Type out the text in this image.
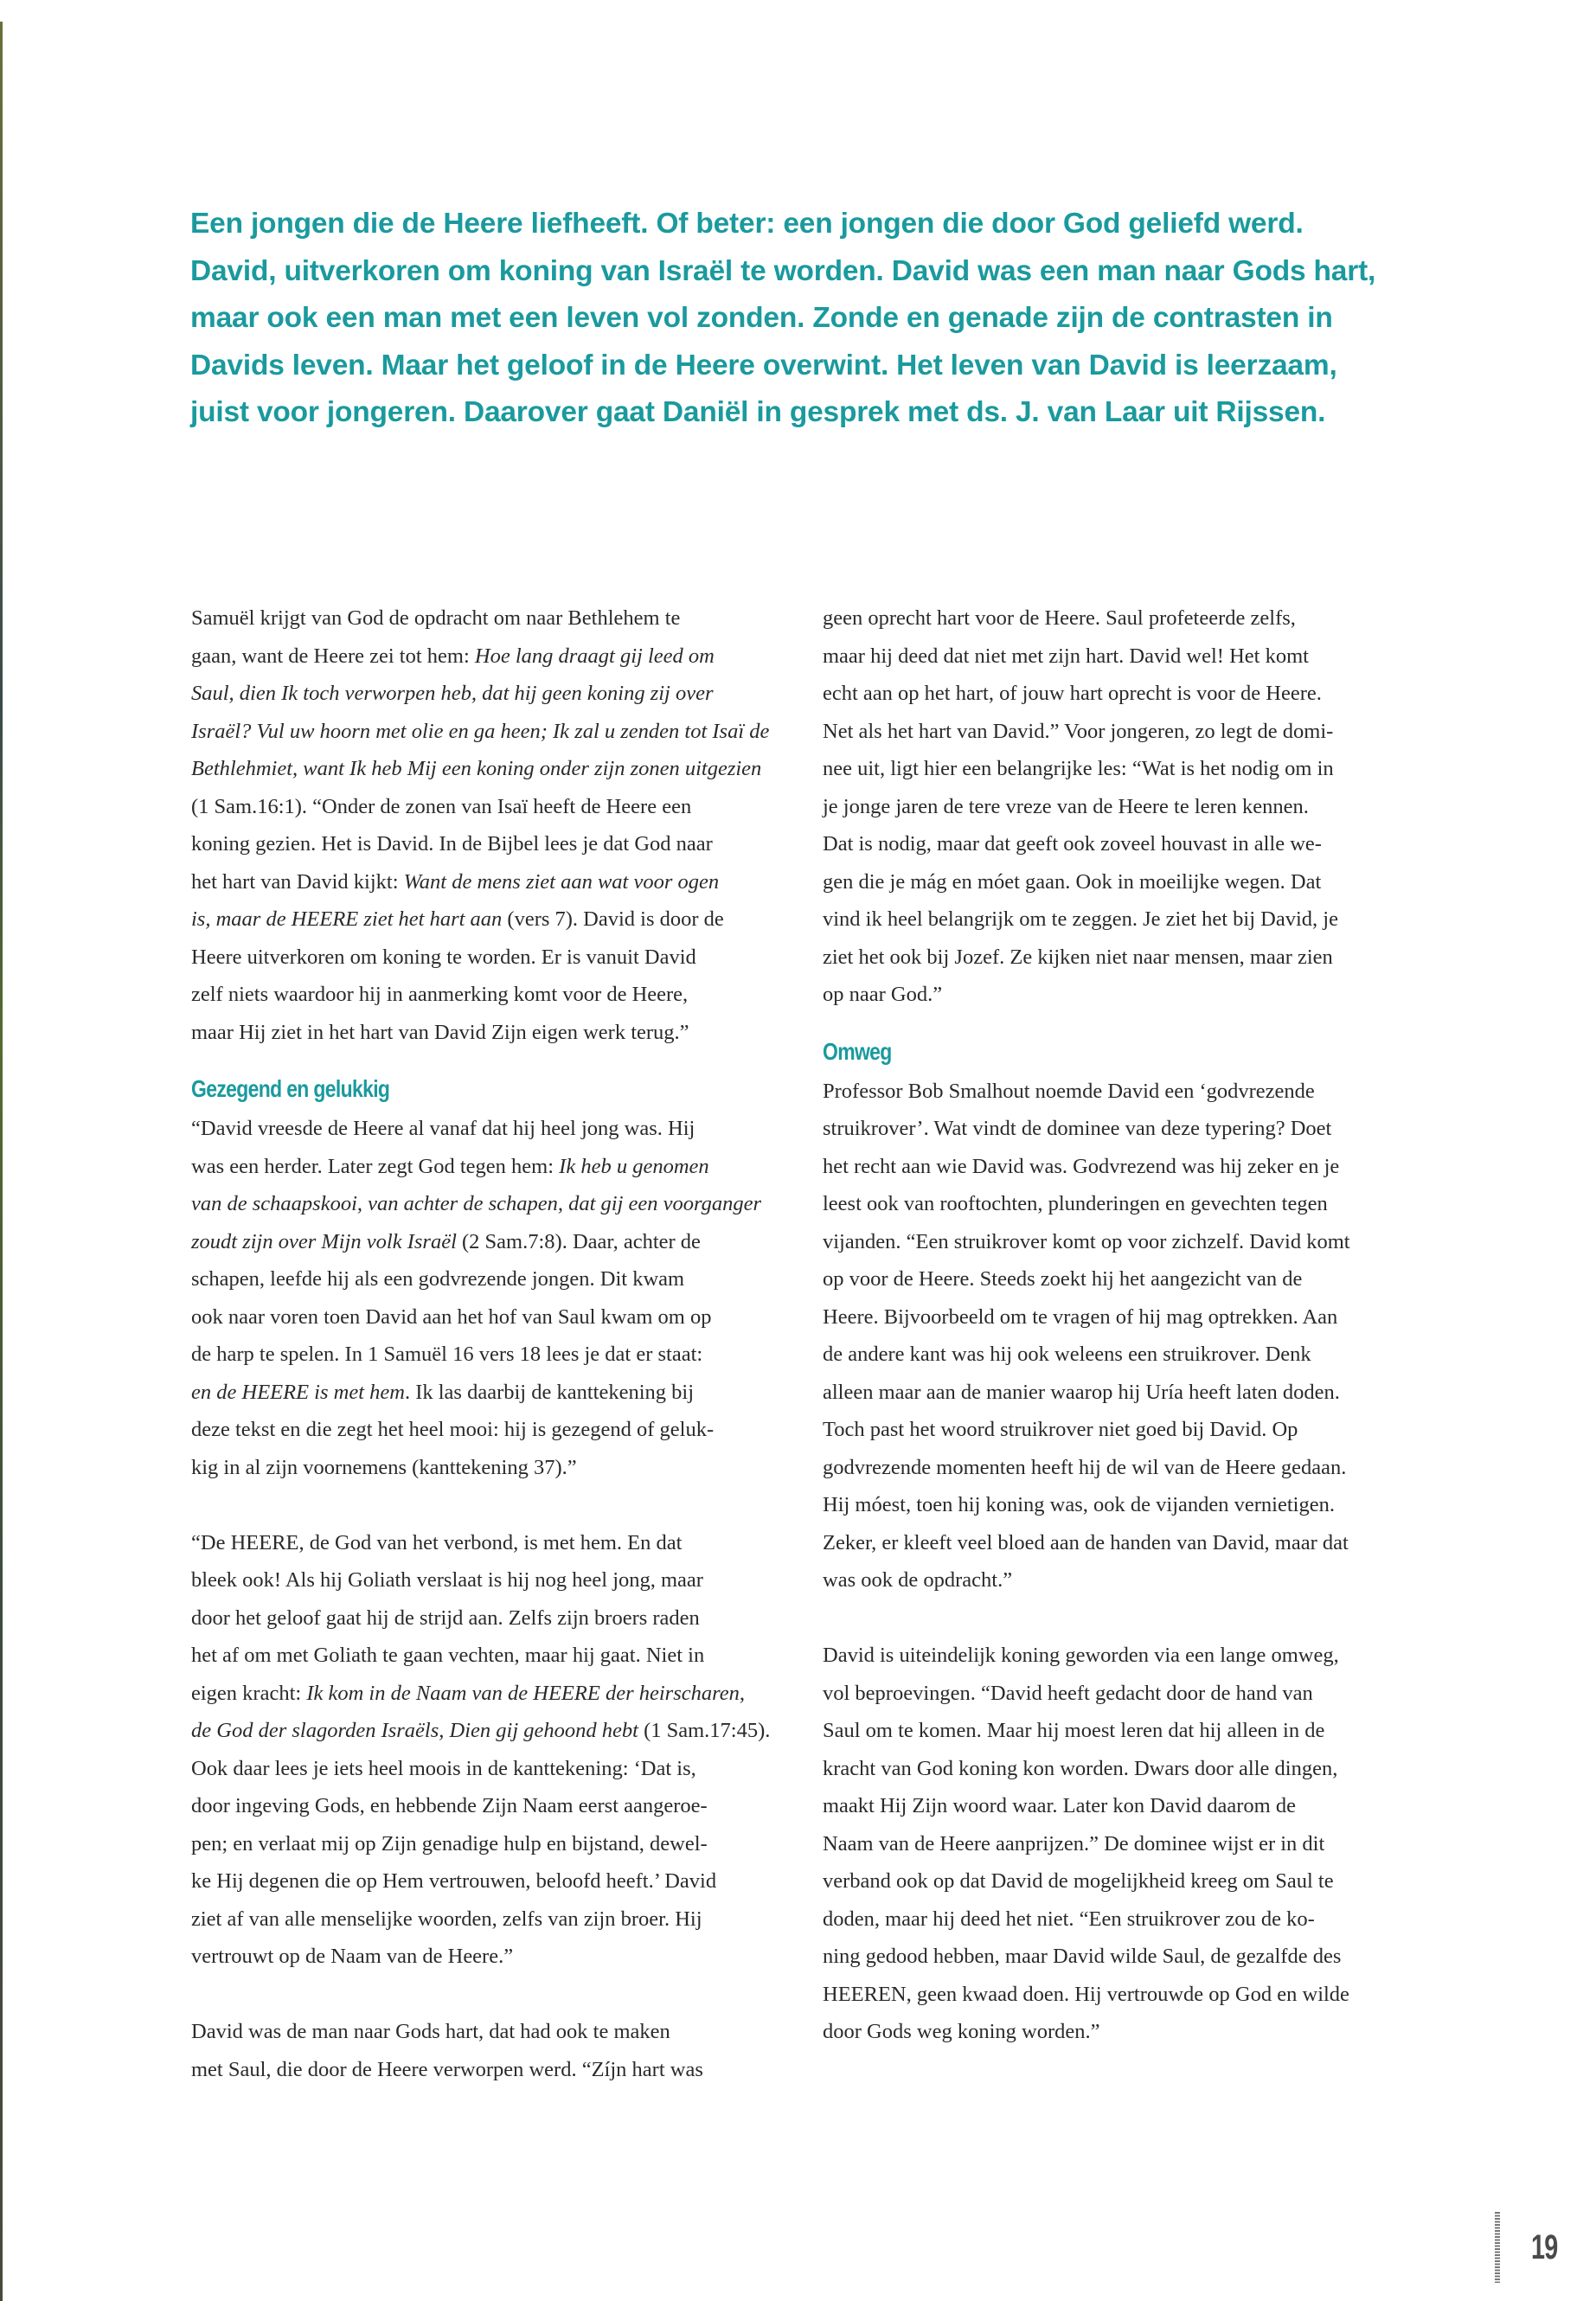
Een jongen die de Heere liefheeft. Of beter: een jongen die door God geliefd werd.

David, uitverkoren om koning van Israël te worden. David was een man naar Gods hart,

maar ook een man met een leven vol zonden. Zonde en genade zijn de contrasten in

Davids leven. Maar het geloof in de Heere overwint. Het leven van David is leerzaam,

juist voor jongeren. Daarover gaat Daniël in gesprek met ds. J. van Laar uit Rijssen.

Samuël krijgt van God de opdracht om naar Bethlehem te

gaan, want de Heere zei tot hem: Hoe lang draagt gij leed om

Saul, dien Ik toch verworpen heb, dat hij geen koning zij over

Israël? Vul uw hoorn met olie en ga heen; Ik zal u zenden tot Isaï de

Bethlehmiet, want Ik heb Mij een koning onder zijn zonen uitgezien

(1 Sam.16:1). “Onder de zonen van Isaï heeft de Heere een

koning gezien. Het is David. In de Bijbel lees je dat God naar

het hart van David kijkt: Want de mens ziet aan wat voor ogen

is, maar de HEERE ziet het hart aan (vers 7). David is door de

Heere uitverkoren om koning te worden. Er is vanuit David

zelf niets waardoor hij in aanmerking komt voor de Heere,

maar Hij ziet in het hart van David Zijn eigen werk terug.”

Gezegend en gelukkig

“David vreesde de Heere al vanaf dat hij heel jong was. Hij

was een herder. Later zegt God tegen hem: Ik heb u genomen

van de schaapskooi, van achter de schapen, dat gij een voorganger

zoudt zijn over Mijn volk Israël (2 Sam.7:8). Daar, achter de

schapen, leefde hij als een godvrezende jongen. Dit kwam

ook naar voren toen David aan het hof van Saul kwam om op

de harp te spelen. In 1 Samuël 16 vers 18 lees je dat er staat:

en de HEERE is met hem. Ik las daarbij de kanttekening bij

deze tekst en die zegt het heel mooi: hij is gezegend of geluk-

kig in al zijn voornemens (kanttekening 37).”

“De HEERE, de God van het verbond, is met hem. En dat

bleek ook! Als hij Goliath verslaat is hij nog heel jong, maar

door het geloof gaat hij de strijd aan. Zelfs zijn broers raden

het af om met Goliath te gaan vechten, maar hij gaat. Niet in

eigen kracht: Ik kom in de Naam van de HEERE der heirscharen,

de God der slagorden Israëls, Dien gij gehoond hebt (1 Sam.17:45).

Ook daar lees je iets heel moois in de kanttekening: ‘Dat is,

door ingeving Gods, en hebbende Zijn Naam eerst aangeroe-

pen; en verlaat mij op Zijn genadige hulp en bijstand, dewel-

ke Hij degenen die op Hem vertrouwen, beloofd heeft.’ David

ziet af van alle menselijke woorden, zelfs van zijn broer. Hij

vertrouwt op de Naam van de Heere.”

David was de man naar Gods hart, dat had ook te maken

met Saul, die door de Heere verworpen werd. “Zíjn hart was

geen oprecht hart voor de Heere. Saul profeteerde zelfs,

maar hij deed dat niet met zijn hart. David wel! Het komt

echt aan op het hart, of jouw hart oprecht is voor de Heere.

Net als het hart van David.” Voor jongeren, zo legt de domi-

nee uit, ligt hier een belangrijke les: “Wat is het nodig om in

je jonge jaren de tere vreze van de Heere te leren kennen.

Dat is nodig, maar dat geeft ook zoveel houvast in alle we-

gen die je mág en móet gaan. Ook in moeilijke wegen. Dat

vind ik heel belangrijk om te zeggen. Je ziet het bij David, je

ziet het ook bij Jozef. Ze kijken niet naar mensen, maar zien

op naar God.”

Omweg

Professor Bob Smalhout noemde David een ‘godvrezende

struikrover’. Wat vindt de dominee van deze typering? Doet

het recht aan wie David was. Godvrezend was hij zeker en je

leest ook van rooftochten, plunderingen en gevechten tegen

vijanden. “Een struikrover komt op voor zichzelf. David komt

op voor de Heere. Steeds zoekt hij het aangezicht van de

Heere. Bijvoorbeeld om te vragen of hij mag optrekken. Aan

de andere kant was hij ook weleens een struikrover. Denk

alleen maar aan de manier waarop hij Uría heeft laten doden.

Toch past het woord struikrover niet goed bij David. Op

godvrezende momenten heeft hij de wil van de Heere gedaan.

Hij móest, toen hij koning was, ook de vijanden vernietigen.

Zeker, er kleeft veel bloed aan de handen van David, maar dat

was ook de opdracht.”

David is uiteindelijk koning geworden via een lange omweg,

vol beproevingen. “David heeft gedacht door de hand van

Saul om te komen. Maar hij moest leren dat hij alleen in de

kracht van God koning kon worden. Dwars door alle dingen,

maakt Hij Zijn woord waar. Later kon David daarom de

Naam van de Heere aanprijzen.” De dominee wijst er in dit

verband ook op dat David de mogelijkheid kreeg om Saul te

doden, maar hij deed het niet. “Een struikrover zou de ko-

ning gedood hebben, maar David wilde Saul, de gezalfde des

HEEREN, geen kwaad doen. Hij vertrouwde op God en wilde

door Gods weg koning worden.”

19
